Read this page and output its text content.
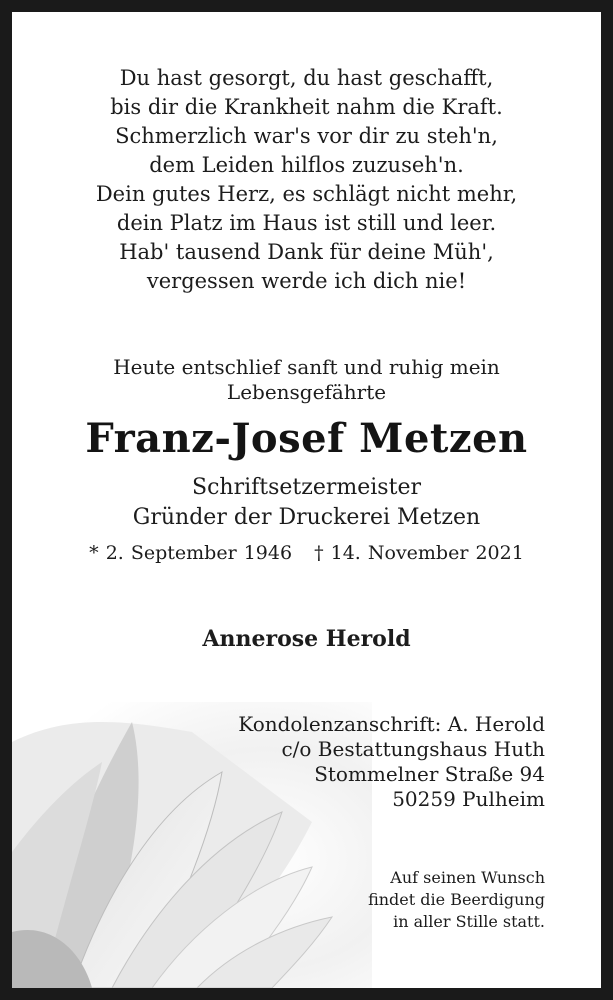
Du hast gesorgt, du hast geschafft,
bis dir die Krankheit nahm die Kraft.
Schmerzlich war's vor dir zu steh'n,
dem Leiden hilflos zuzuseh'n.
Dein gutes Herz, es schlägt nicht mehr,
dein Platz im Haus ist still und leer.
Hab' tausend Dank für deine Müh',
vergessen werde ich dich nie!
Heute entschlief sanft und ruhig mein
Lebensgefährte
Franz-Josef Metzen
Schriftsetzermeister
Gründer der Druckerei Metzen
* 2. September 1946 † 14. November 2021
Annerose Herold
Kondolenzanschrift: A. Herold
c/o Bestattungshaus Huth
Stommelner Straße 94
50259 Pulheim
Auf seinen Wunsch
findet die Beerdigung
in aller Stille statt.
